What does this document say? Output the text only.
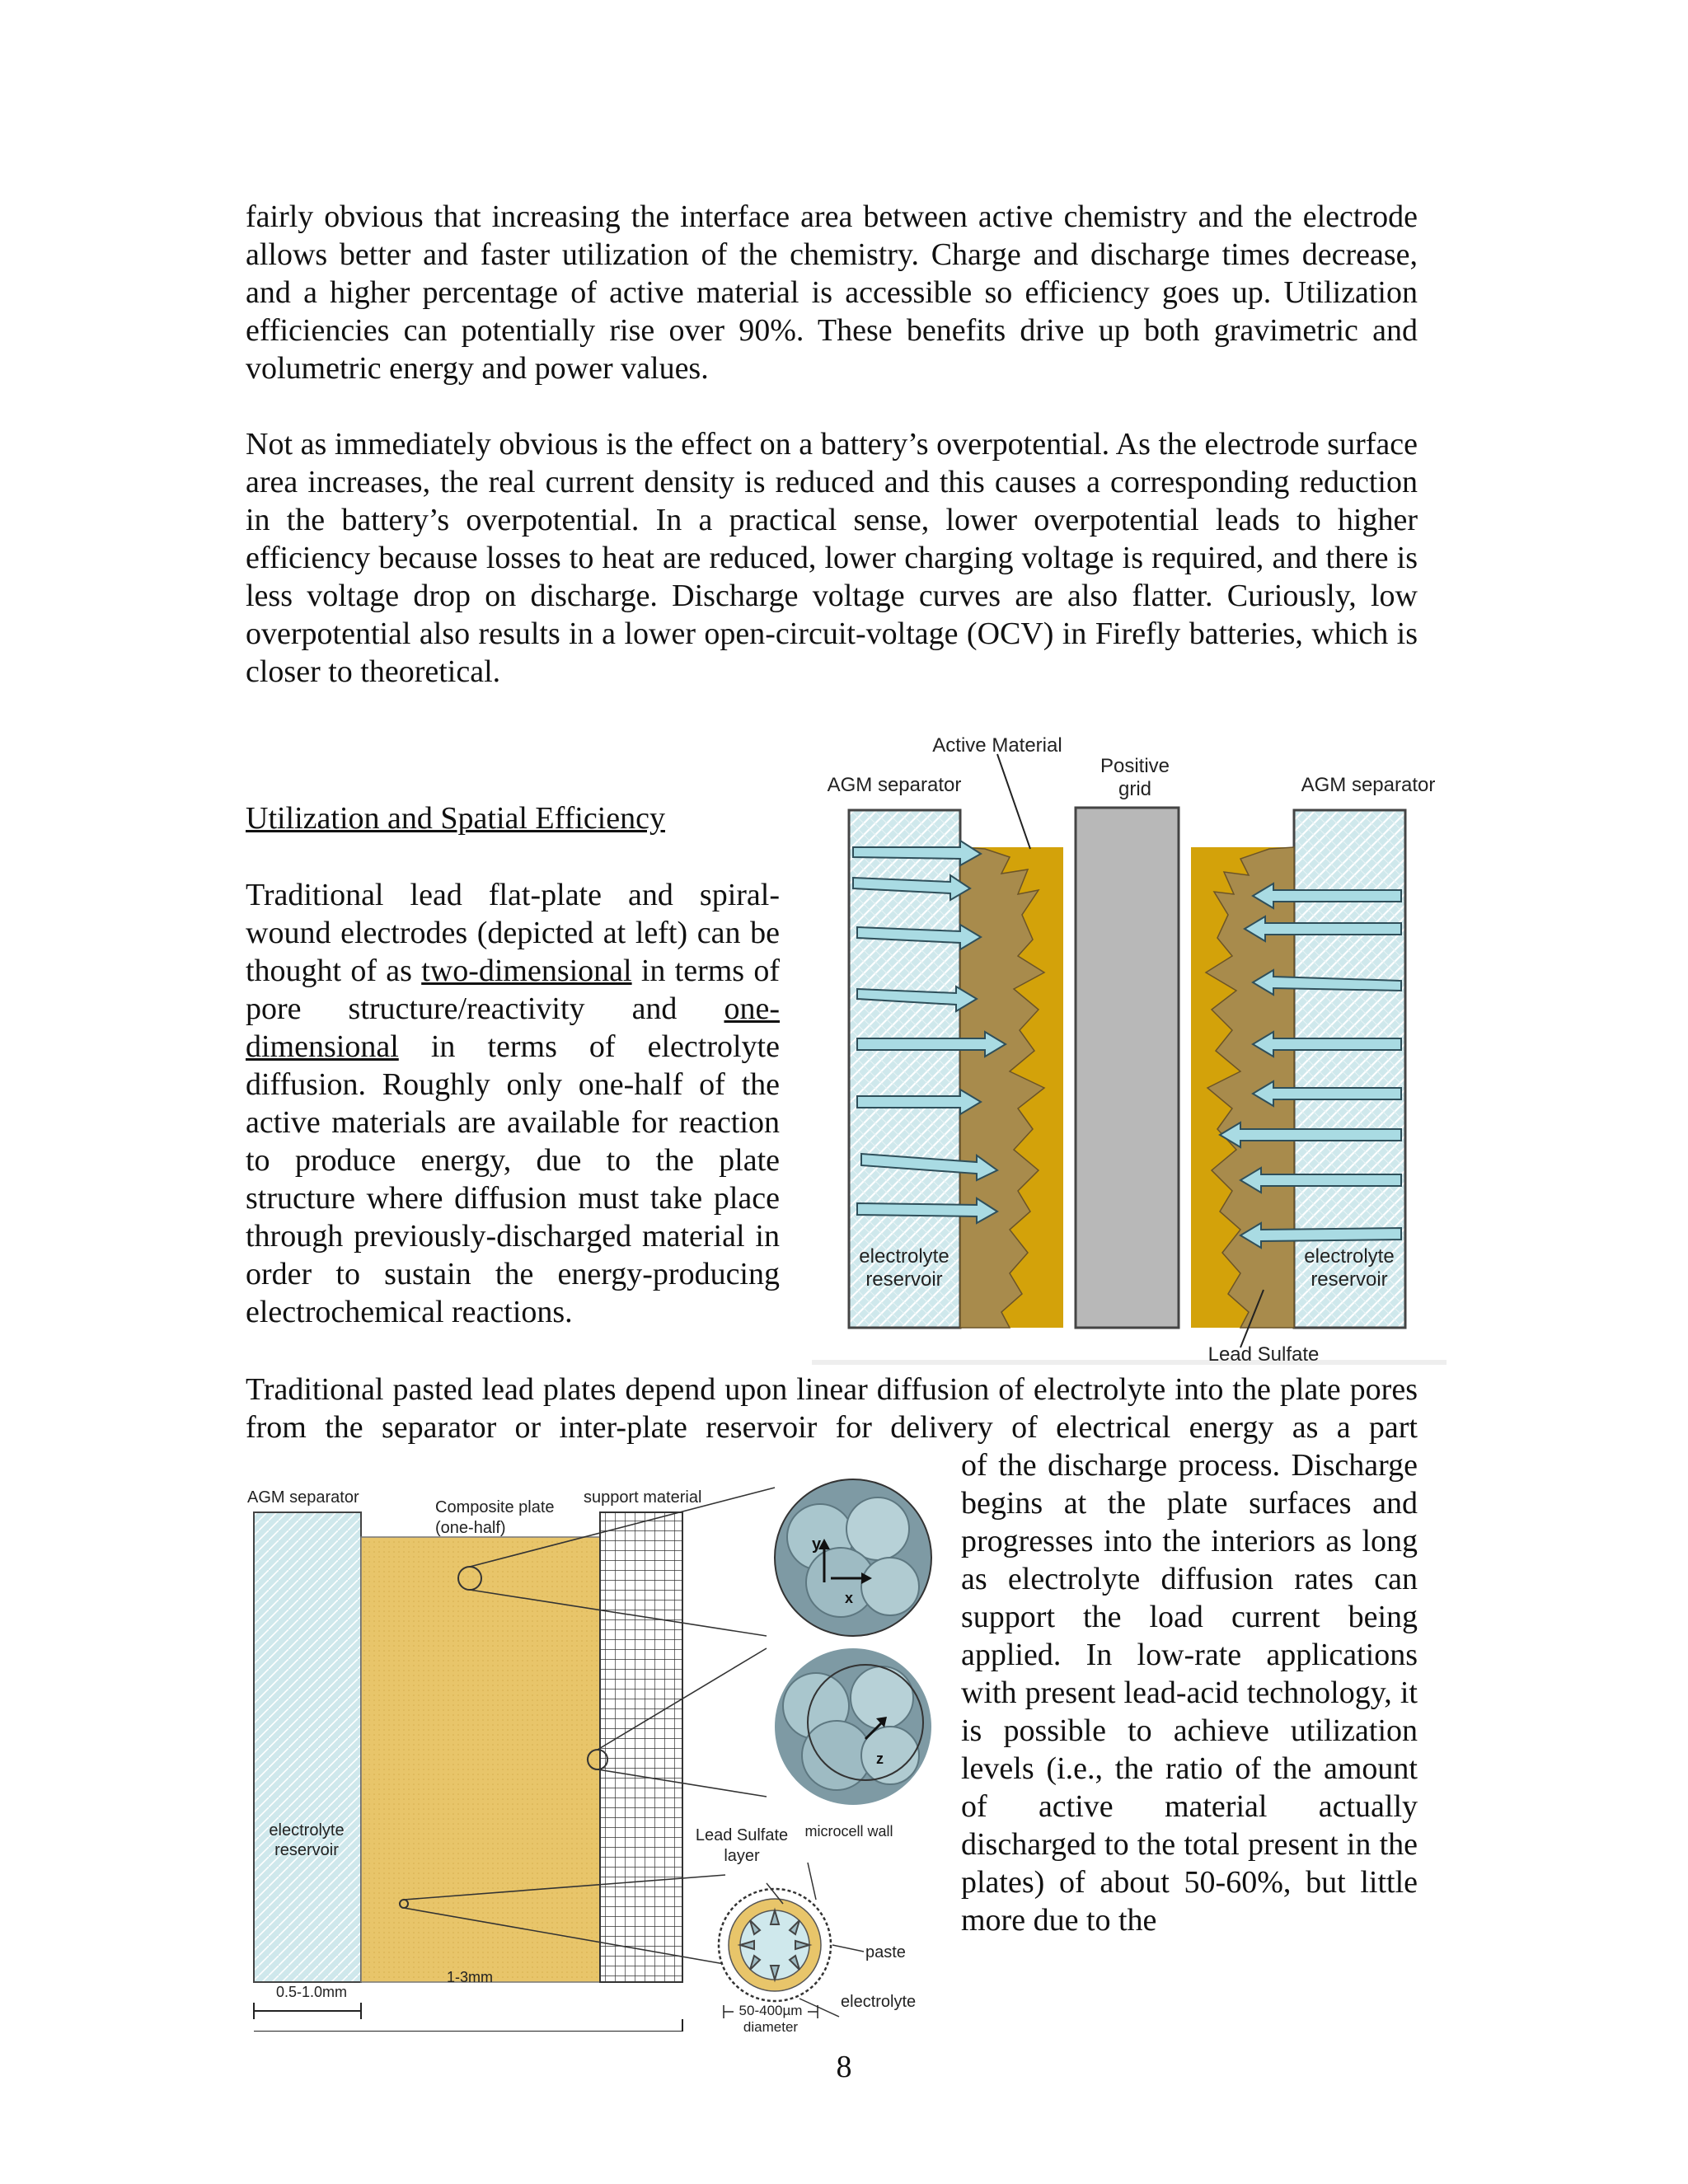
fairly obvious that increasing the interface area between active chemistry and the electrode allows better and faster utilization of the chemistry. Charge and discharge times decrease, and a higher percentage of active material is accessible so efficiency goes up. Utilization efficiencies can potentially rise over 90%. These benefits drive up both gravimetric and volumetric energy and power values.

Not as immediately obvious is the effect on a battery’s overpotential. As the electrode surface area increases, the real current density is reduced and this causes a corresponding reduction in the battery’s overpotential. In a practical sense, lower overpotential leads to higher efficiency because losses to heat are reduced, lower charging voltage is required, and there is less voltage drop on discharge. Discharge voltage curves are also flatter. Curiously, low overpotential also results in a lower open-circuit-voltage (OCV) in Firefly batteries, which is closer to theoretical.

Utilization and Spatial Efficiency

Traditional lead flat-plate and spiral-wound electrodes (depicted at left) can be thought of as two-dimensional in terms of pore structure/reactivity and one-dimensional in terms of electrolyte diffusion. Roughly only one-half of the active materials are available for reaction to produce energy, due to the plate structure where diffusion must take place through previously-discharged material in order to sustain the energy-producing electrochemical reactions.

Active Material
Positive
grid
AGM separator	AGM separator
electrolyte
reservoir
electrolyte
reservoir
Lead Sulfate

Traditional pasted lead plates depend upon linear diffusion of electrolyte into the plate pores from the separator or inter-plate reservoir for delivery of electrical energy as a part

of the discharge process. Discharge begins at the plate surfaces and progresses into the interiors as long as electrolyte diffusion rates can support the load current being applied. In low-rate applications with present lead-acid technology, it is possible to achieve utilization levels (i.e., the ratio of the amount of active material actually discharged to the total present in the plates) of about 50-60%, but little more due to the

y
x
z
AGM separator
Composite plate
(one-half)
support material
electrolyte
reservoir
0.5-1.0mm
1-3mm
Lead Sulfate
layer
microcell wall
paste
electrolyte
50-400µm
diameter

8
